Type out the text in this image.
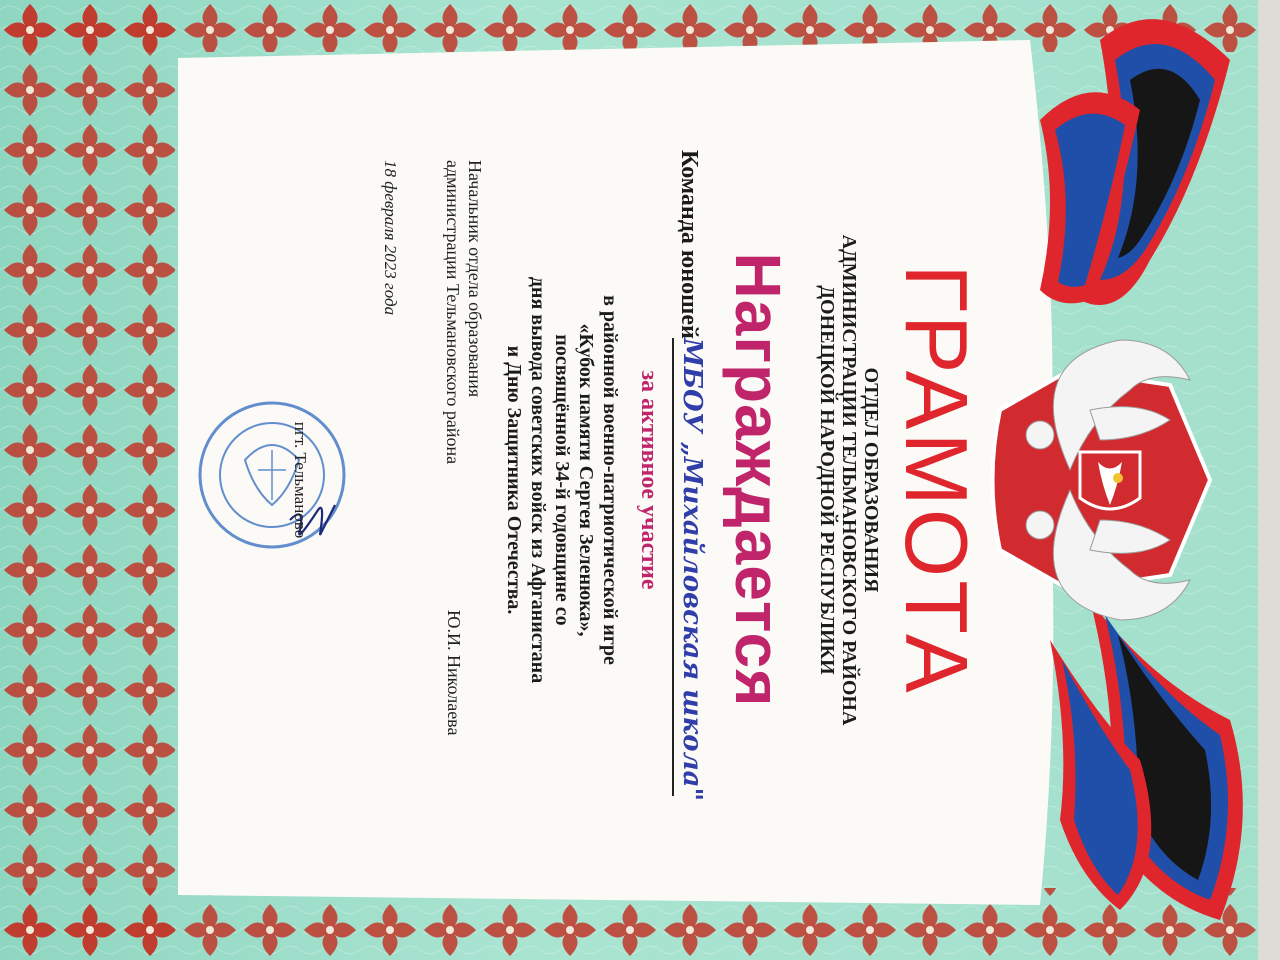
ГРАМОТА
ОТДЕЛ ОБРАЗОВАНИЯ
АДМИНИСТРАЦИИ ТЕЛЬМАНОВСКОГО РАЙОНА
ДОНЕЦКОЙ НАРОДНОЙ РЕСПУБЛИКИ
Награждается
Команда юношей
МБОУ „Михайловская школа"
за активное участие
в районной военно-патриотической игре
«Кубок памяти Сергея Зеленюка»,
посвящённой 34-й годовщине со
дня вывода советских войск из Афганистана
и Дню Защитника Отечества.
Начальник отдела образования
администрации Тельмановского района
Ю.И. Николаева
18 февраля 2023 года
пгт. Тельманово
